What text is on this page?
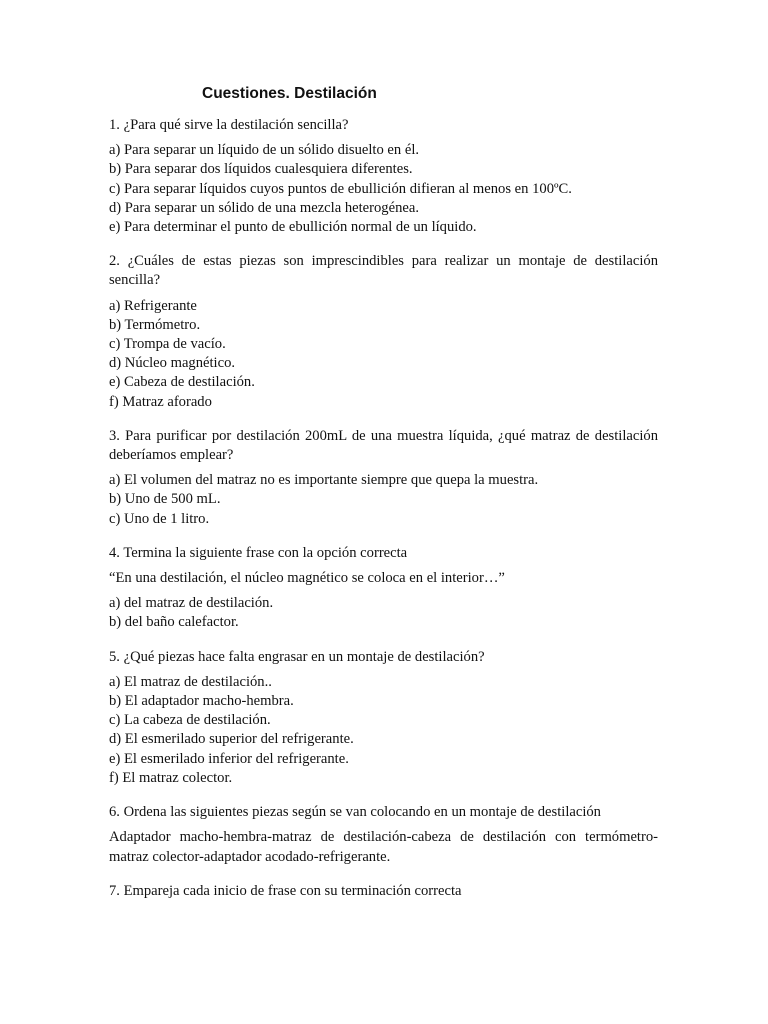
Cuestiones. Destilación

1. ¿Para qué sirve la destilación sencilla?

a) Para separar un líquido de un sólido disuelto en él.

b) Para separar dos líquidos cualesquiera diferentes.

c) Para separar líquidos cuyos puntos de ebullición difieran al menos en 100ºC.

d) Para separar un sólido de una mezcla heterogénea.

e) Para determinar el punto de ebullición normal de un líquido.

2. ¿Cuáles de estas piezas son imprescindibles para realizar un montaje de destilación sencilla?

a) Refrigerante

b) Termómetro.

c) Trompa de vacío.

d) Núcleo magnético.

e) Cabeza de destilación.

f) Matraz aforado

3. Para purificar por destilación 200mL de una muestra líquida, ¿qué matraz de destilación deberíamos emplear?

a) El volumen del matraz no es importante siempre que quepa la muestra.

b) Uno de 500 mL.

c) Uno de 1 litro.

4. Termina la siguiente frase con la opción correcta

“En una destilación, el núcleo magnético se coloca en el interior…”

a) del matraz de destilación.

b) del baño calefactor.

5. ¿Qué piezas hace falta engrasar en un montaje de destilación?

a) El matraz de destilación..

b) El adaptador macho-hembra.

c) La cabeza de destilación.

d) El esmerilado superior del refrigerante.

e) El esmerilado inferior del refrigerante.

f) El matraz colector.

6. Ordena las siguientes piezas según se van colocando en un montaje de destilación

Adaptador macho-hembra-matraz de destilación-cabeza de destilación con termómetro-matraz colector-adaptador acodado-refrigerante.

7. Empareja cada inicio de frase con su terminación correcta
